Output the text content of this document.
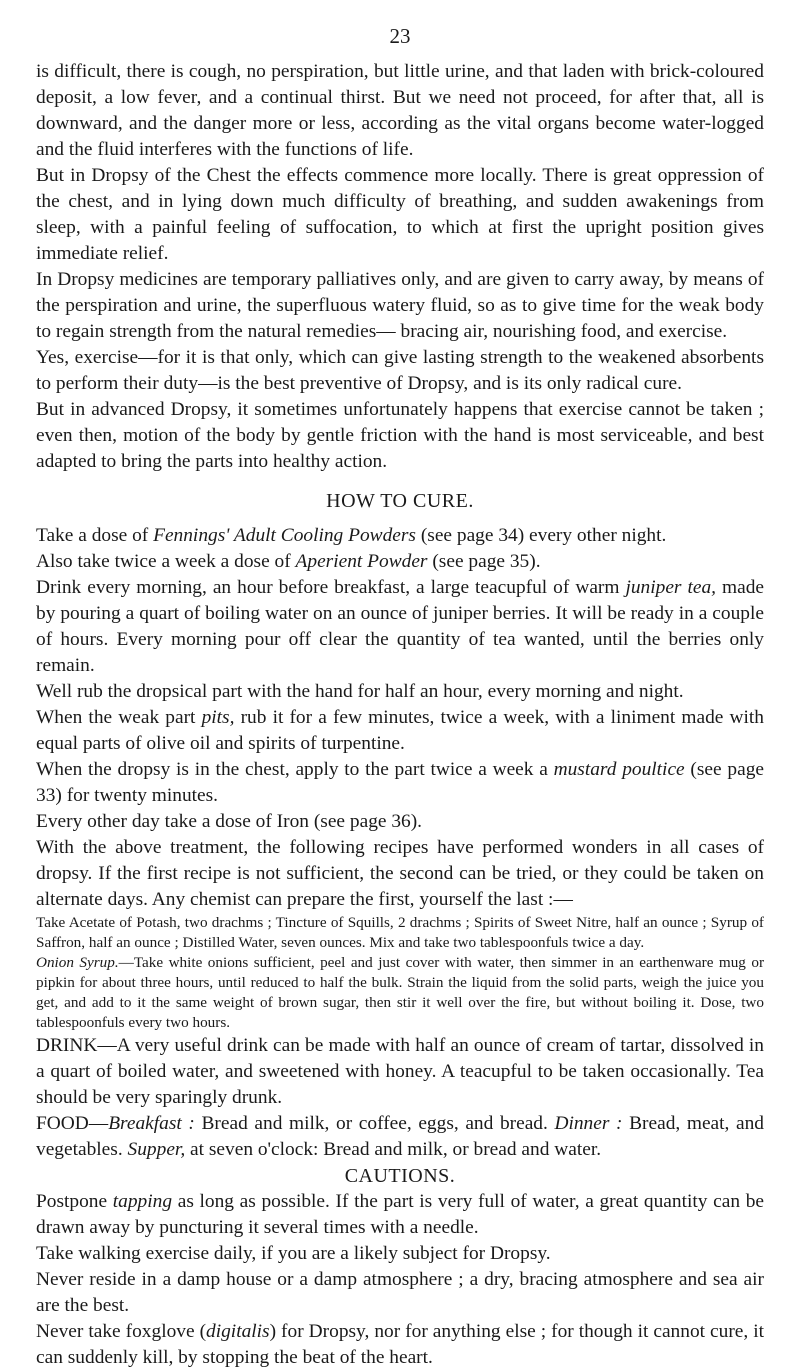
23

is difficult, there is cough, no perspiration, but little urine, and that laden with brick-coloured deposit, a low fever, and a continual thirst. But we need not proceed, for after that, all is downward, and the danger more or less, according as the vital organs become water-logged and the fluid interferes with the functions of life.

But in Dropsy of the Chest the effects commence more locally. There is great oppression of the chest, and in lying down much difficulty of breathing, and sudden awakenings from sleep, with a painful feeling of suffocation, to which at first the upright position gives immediate relief.

In Dropsy medicines are temporary palliatives only, and are given to carry away, by means of the perspiration and urine, the superfluous watery fluid, so as to give time for the weak body to regain strength from the natural remedies— bracing air, nourishing food, and exercise.

Yes, exercise—for it is that only, which can give lasting strength to the weakened absorbents to perform their duty—is the best preventive of Dropsy, and is its only radical cure.

But in advanced Dropsy, it sometimes unfortunately happens that exercise cannot be taken ; even then, motion of the body by gentle friction with the hand is most serviceable, and best adapted to bring the parts into healthy action.

HOW TO CURE.

Take a dose of Fennings' Adult Cooling Powders (see page 34) every other night.

Also take twice a week a dose of Aperient Powder (see page 35).

Drink every morning, an hour before breakfast, a large teacupful of warm juniper tea, made by pouring a quart of boiling water on an ounce of juniper berries. It will be ready in a couple of hours. Every morning pour off clear the quantity of tea wanted, until the berries only remain.

Well rub the dropsical part with the hand for half an hour, every morning and night.

When the weak part pits, rub it for a few minutes, twice a week, with a liniment made with equal parts of olive oil and spirits of turpentine.

When the dropsy is in the chest, apply to the part twice a week a mustard poultice (see page 33) for twenty minutes.

Every other day take a dose of Iron (see page 36).

With the above treatment, the following recipes have performed wonders in all cases of dropsy. If the first recipe is not sufficient, the second can be tried, or they could be taken on alternate days. Any chemist can prepare the first, yourself the last :—

Take Acetate of Potash, two drachms ; Tincture of Squills, 2 drachms ; Spirits of Sweet Nitre, half an ounce ; Syrup of Saffron, half an ounce ; Distilled Water, seven ounces. Mix and take two tablespoonfuls twice a day.

Onion Syrup.—Take white onions sufficient, peel and just cover with water, then simmer in an earthenware mug or pipkin for about three hours, until reduced to half the bulk. Strain the liquid from the solid parts, weigh the juice you get, and add to it the same weight of brown sugar, then stir it well over the fire, but without boiling it. Dose, two tablespoonfuls every two hours.

DRINK—A very useful drink can be made with half an ounce of cream of tartar, dissolved in a quart of boiled water, and sweetened with honey. A teacupful to be taken occasionally. Tea should be very sparingly drunk.

FOOD—Breakfast : Bread and milk, or coffee, eggs, and bread. Dinner : Bread, meat, and vegetables. Supper, at seven o'clock: Bread and milk, or bread and water.

CAUTIONS.

Postpone tapping as long as possible. If the part is very full of water, a great quantity can be drawn away by puncturing it several times with a needle.

Take walking exercise daily, if you are a likely subject for Dropsy.

Never reside in a damp house or a damp atmosphere ; a dry, bracing atmosphere and sea air are the best.

Never take foxglove (digitalis) for Dropsy, nor for anything else ; for though it cannot cure, it can suddenly kill, by stopping the beat of the heart.
